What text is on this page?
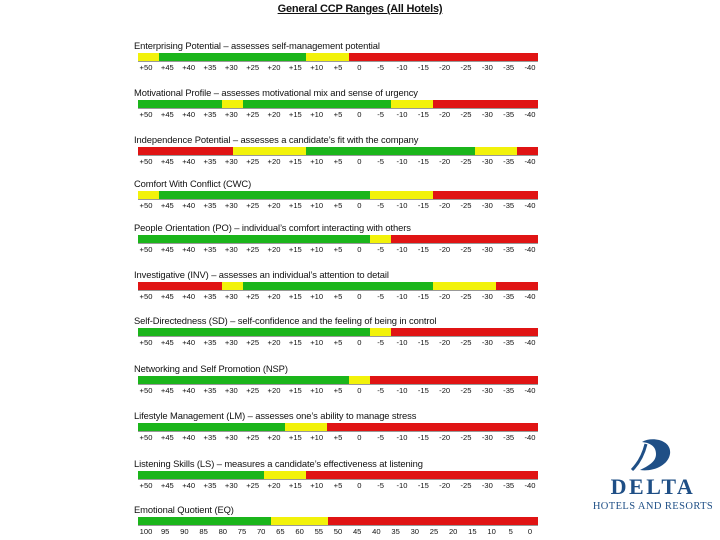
General CCP Ranges (All Hotels)
Enterprising Potential – assesses self-management potential
+50 +45 +40 +35 +30 +25 +20 +15 +10 +5 0 -5 -10 -15 -20 -25 -30 -35 -40
Motivational Profile – assesses motivational mix and sense of urgency
+50 +45 +40 +35 +30 +25 +20 +15 +10 +5 0 -5 -10 -15 -20 -25 -30 -35 -40
Independence Potential – assesses a candidate’s fit with the company
+50 +45 +40 +35 +30 +25 +20 +15 +10 +5 0 -5 -10 -15 -20 -25 -30 -35 -40
Comfort With Conflict (CWC)
+50 +45 +40 +35 +30 +25 +20 +15 +10 +5 0 -5 -10 -15 -20 -25 -30 -35 -40
People Orientation (PO) – individual’s comfort interacting with others
+50 +45 +40 +35 +30 +25 +20 +15 +10 +5 0 -5 -10 -15 -20 -25 -30 -35 -40
Investigative (INV) – assesses an individual’s attention to detail
+50 +45 +40 +35 +30 +25 +20 +15 +10 +5 0 -5 -10 -15 -20 -25 -30 -35 -40
Self-Directedness (SD) – self-confidence and the feeling of being in control
+50 +45 +40 +35 +30 +25 +20 +15 +10 +5 0 -5 -10 -15 -20 -25 -30 -35 -40
Networking and Self Promotion (NSP)
+50 +45 +40 +35 +30 +25 +20 +15 +10 +5 0 -5 -10 -15 -20 -25 -30 -35 -40
Lifestyle Management (LM) – assesses one’s ability to manage stress
+50 +45 +40 +35 +30 +25 +20 +15 +10 +5 0 -5 -10 -15 -20 -25 -30 -35 -40
Listening Skills (LS) – measures a candidate’s effectiveness at listening
+50 +45 +40 +35 +30 +25 +20 +15 +10 +5 0 -5 -10 -15 -20 -25 -30 -35 -40
Emotional Quotient (EQ)
100 95 90 85 80 75 70 65 60 55 50 45 40 35 30 25 20 15 10 5 0
DELTA
HOTELS AND RESORTS
